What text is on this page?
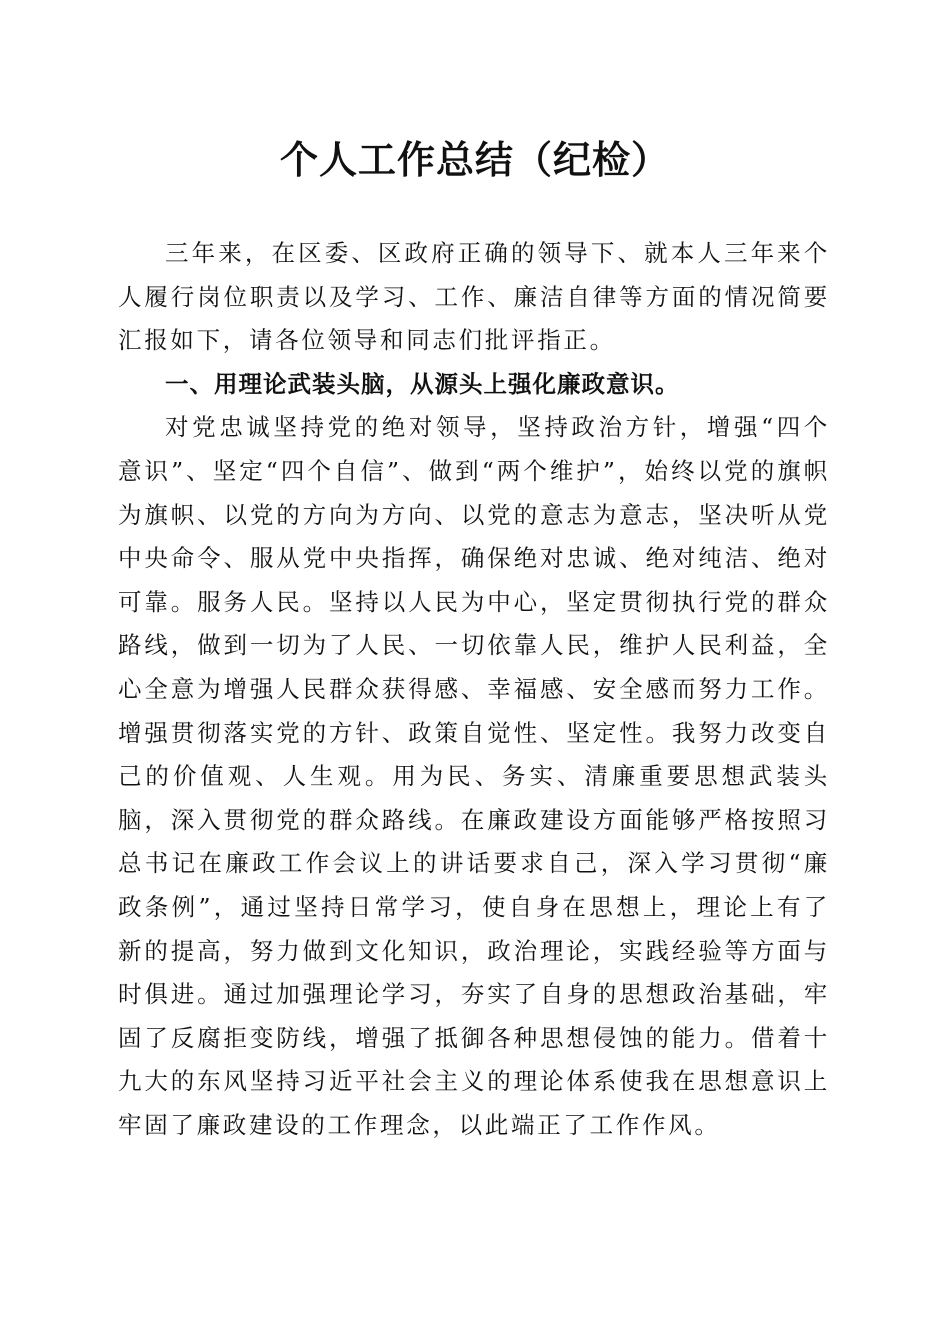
个人工作总结（纪检）

三年来，在区委、区政府正确的领导下、就本人三年来个人履行岗位职责以及学习、工作、廉洁自律等方面的情况简要汇报如下，请各位领导和同志们批评指正。

一、用理论武装头脑，从源头上强化廉政意识。

对党忠诚坚持党的绝对领导，坚持政治方针，增强“四个意识”、坚定“四个自信”、做到“两个维护”，始终以党的旗帜为旗帜、以党的方向为方向、以党的意志为意志，坚决听从党中央命令、服从党中央指挥，确保绝对忠诚、绝对纯洁、绝对可靠。服务人民。坚持以人民为中心，坚定贯彻执行党的群众路线，做到一切为了人民、一切依靠人民，维护人民利益，全心全意为增强人民群众获得感、幸福感、安全感而努力工作。增强贯彻落实党的方针、政策自觉性、坚定性。我努力改变自己的价值观、人生观。用为民、务实、清廉重要思想武装头脑，深入贯彻党的群众路线。在廉政建设方面能够严格按照习总书记在廉政工作会议上的讲话要求自己，深入学习贯彻“廉政条例”，通过坚持日常学习，使自身在思想上，理论上有了新的提高，努力做到文化知识，政治理论，实践经验等方面与时俱进。通过加强理论学习，夯实了自身的思想政治基础，牢固了反腐拒变防线，增强了抵御各种思想侵蚀的能力。借着十九大的东风坚持习近平社会主义的理论体系使我在思想意识上牢固了廉政建设的工作理念，以此端正了工作作风。
